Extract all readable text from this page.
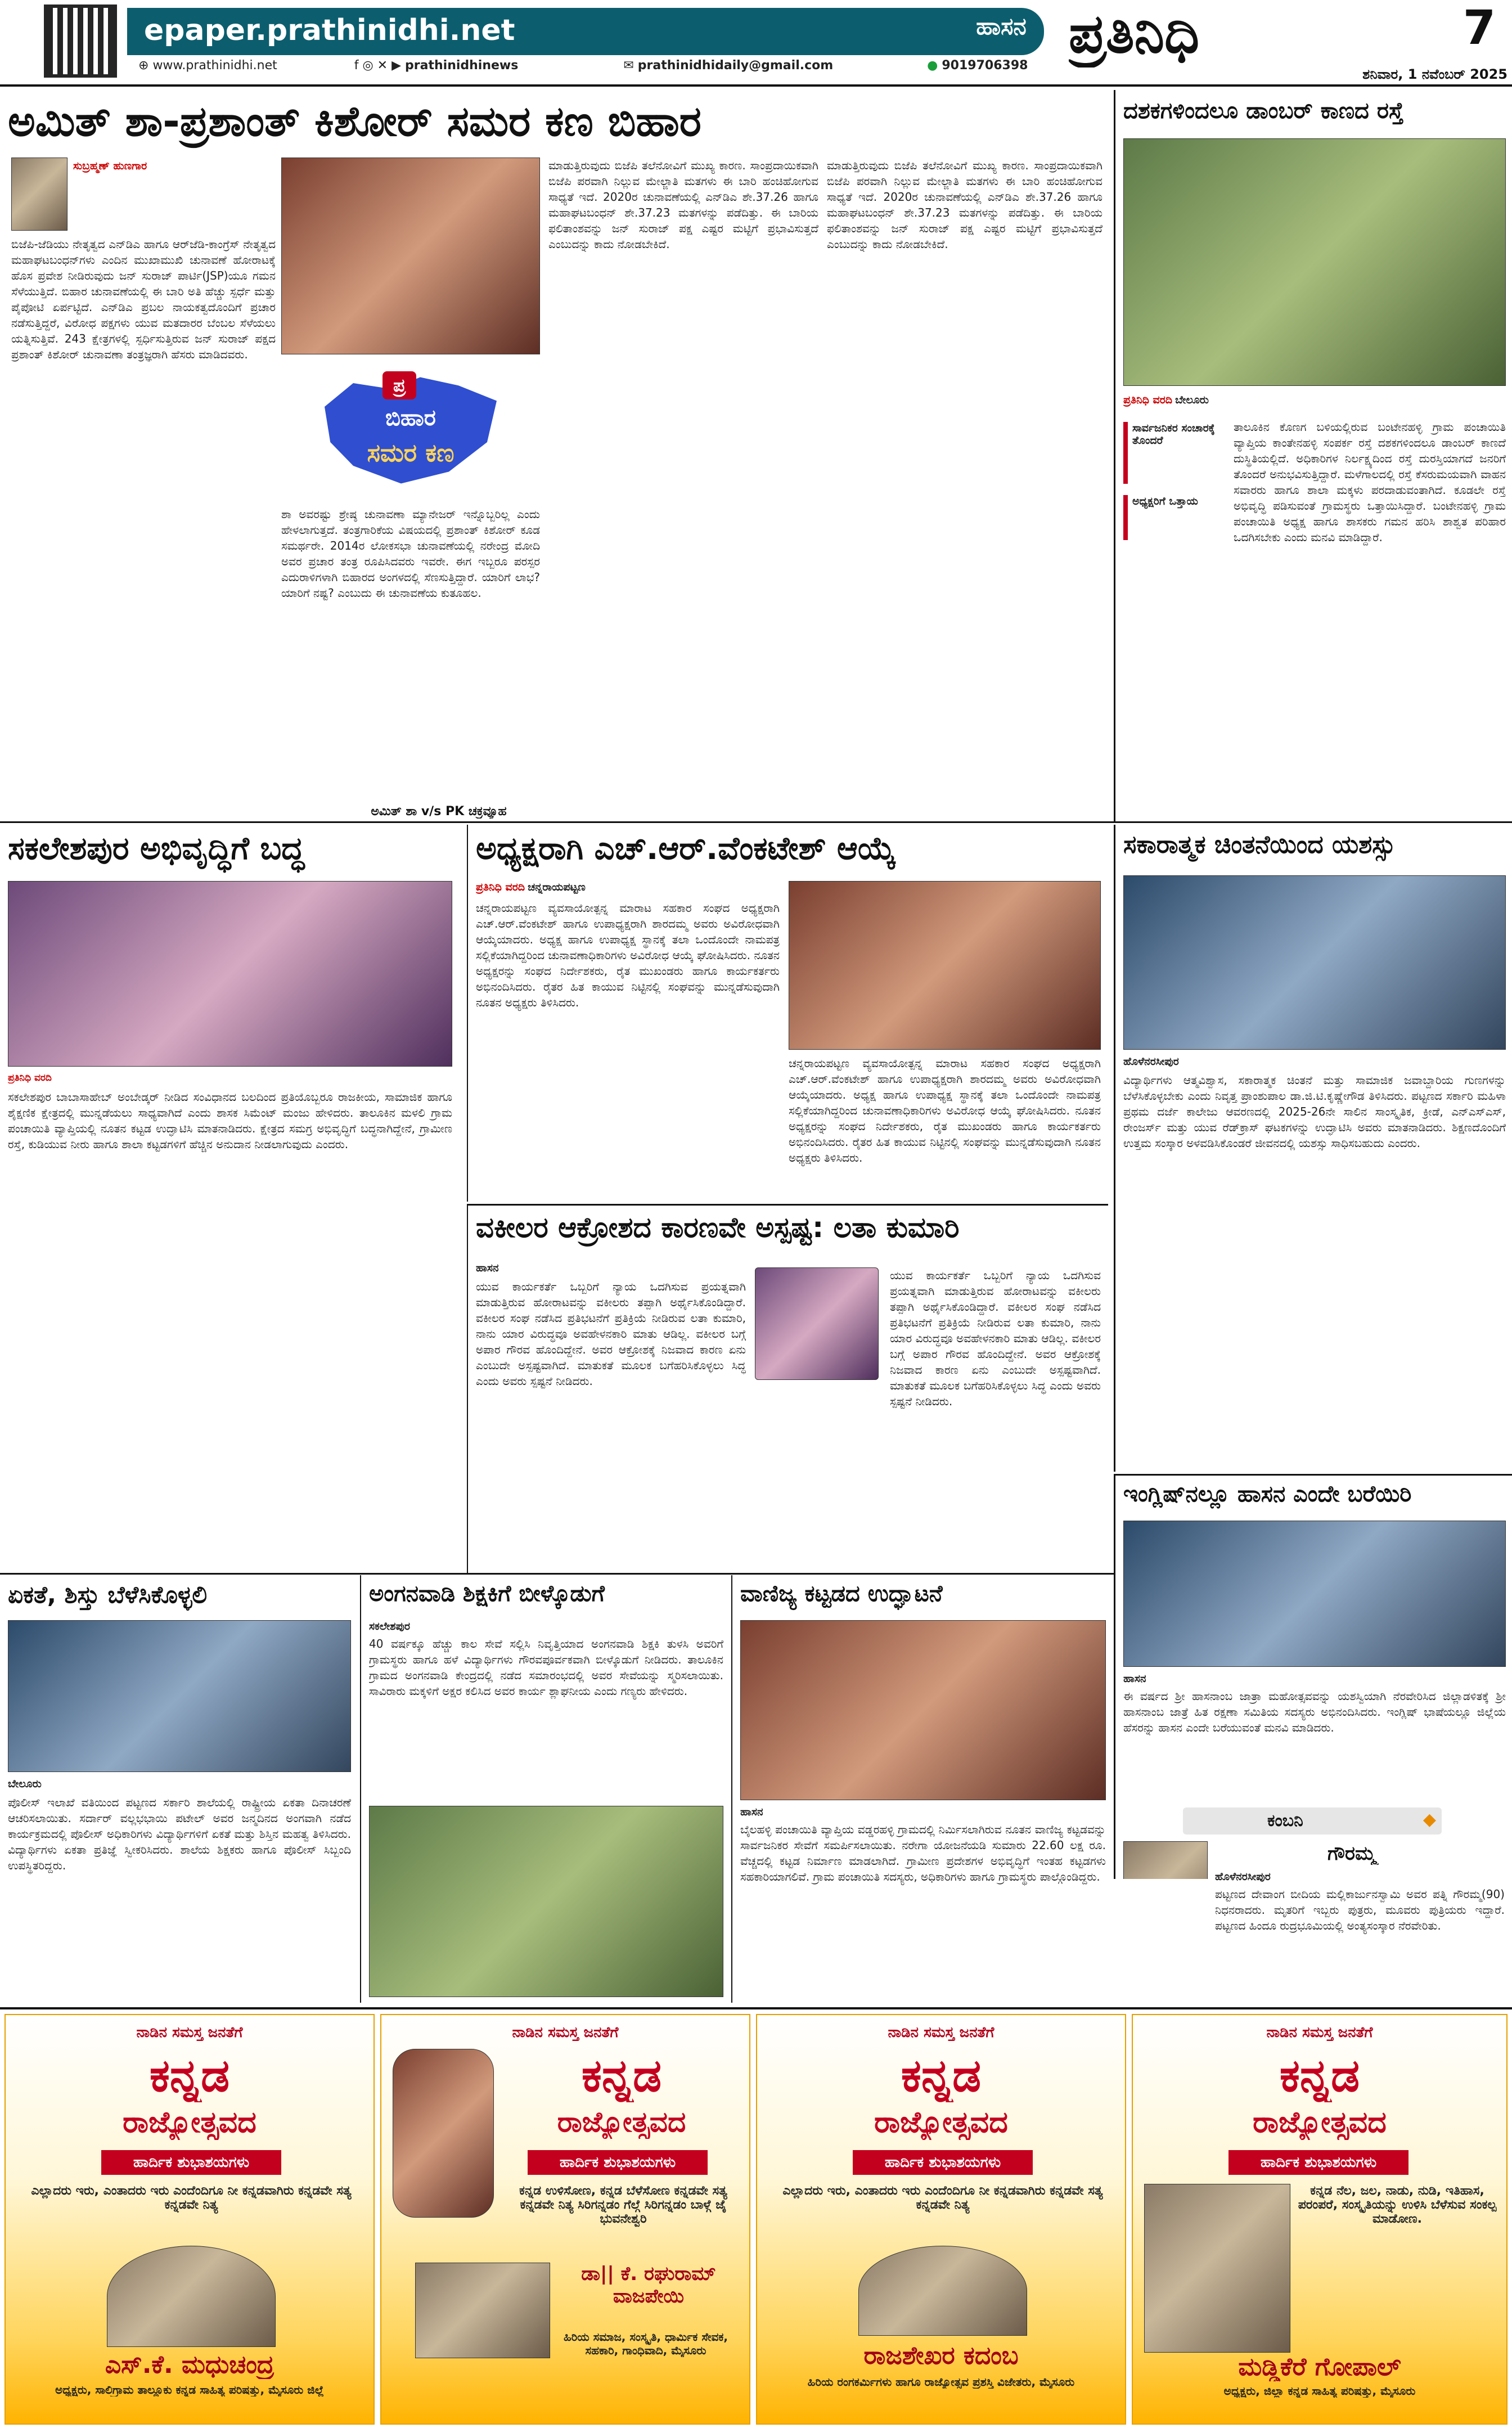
epaper.prathinidhi.net	ಹಾಸನ ಪ್ರತಿನಿಧಿ	7
⊕ www.prathinidhi.net	f ◎ ✕ ▶ prathinidhinews	✉ prathinidhidaily@gmail.com	● 9019706398
ಶನಿವಾರ, 1 ನವೆಂಬರ್ 2025
ಅಮಿತ್ ಶಾ-ಪ್ರಶಾಂತ್ ಕಿಶೋರ್ ಸಮರ ಕಣ ಬಿಹಾರ
ಸುಬ್ರಹ್ಮಣ್ ಹುಣಗಾರ
ಬಿಜೆಪಿ-ಜೆಡಿಯು ನೇತೃತ್ವದ ಎನ್‌ಡಿಎ ಹಾಗೂ ಆರ್‌ಜೆಡಿ-ಕಾಂಗ್ರೆಸ್ ನೇತೃತ್ವದ ಮಹಾಘಟಬಂಧನ್‌ಗಳು ಎಂದಿನ ಮುಖಾಮುಖಿ ಚುನಾವಣೆ ಹೋರಾಟಕ್ಕೆ ಹೊಸ ಪ್ರವೇಶ ನೀಡಿರುವುದು ಜನ್ ಸುರಾಜ್ ಪಾರ್ಟಿ(JSP)ಯೂ ಗಮನ ಸೆಳೆಯುತ್ತಿದೆ. ಬಿಹಾರ ಚುನಾವಣೆಯಲ್ಲಿ ಈ ಬಾರಿ ಅತಿ ಹೆಚ್ಚು ಸ್ಪರ್ಧೆ ಮತ್ತು ಪೈಪೋಟಿ ಏರ್ಪಟ್ಟಿದೆ. ಎನ್‌ಡಿಎ ಪ್ರಬಲ ನಾಯಕತ್ವದೊಂದಿಗೆ ಪ್ರಚಾರ ನಡೆಸುತ್ತಿದ್ದರೆ, ವಿರೋಧ ಪಕ್ಷಗಳು ಯುವ ಮತದಾರರ ಬೆಂಬಲ ಸೆಳೆಯಲು ಯತ್ನಿಸುತ್ತಿವೆ. 243 ಕ್ಷೇತ್ರಗಳಲ್ಲಿ ಸ್ಪರ್ಧಿಸುತ್ತಿರುವ ಜನ್ ಸುರಾಜ್ ಪಕ್ಷದ ಪ್ರಶಾಂತ್ ಕಿಶೋರ್ ಚುನಾವಣಾ ತಂತ್ರಜ್ಞರಾಗಿ ಹೆಸರು ಮಾಡಿದವರು.
ಪ್ರ
ಬಿಹಾರ
ಸಮರ ಕಣ
ಶಾ ಅವರಷ್ಟು ಶ್ರೇಷ್ಠ ಚುನಾವಣಾ ಮ್ಯಾನೇಜರ್ ಇನ್ನೊಬ್ಬರಿಲ್ಲ ಎಂದು ಹೇಳಲಾಗುತ್ತದೆ. ತಂತ್ರಗಾರಿಕೆಯ ವಿಷಯದಲ್ಲಿ ಪ್ರಶಾಂತ್ ಕಿಶೋರ್ ಕೂಡ ಸಮರ್ಥರೇ. 2014ರ ಲೋಕಸಭಾ ಚುನಾವಣೆಯಲ್ಲಿ ನರೇಂದ್ರ ಮೋದಿ ಅವರ ಪ್ರಚಾರ ತಂತ್ರ ರೂಪಿಸಿದವರು ಇವರೇ. ಈಗ ಇಬ್ಬರೂ ಪರಸ್ಪರ ಎದುರಾಳಿಗಳಾಗಿ ಬಿಹಾರದ ಅಂಗಳದಲ್ಲಿ ಸೆಣಸುತ್ತಿದ್ದಾರೆ. ಯಾರಿಗೆ ಲಾಭ? ಯಾರಿಗೆ ನಷ್ಟ? ಎಂಬುದು ಈ ಚುನಾವಣೆಯ ಕುತೂಹಲ.
ಅಮಿತ್ ಶಾ v/s PK ಚಕ್ರವ್ಯೂಹ
ಮಾಡುತ್ತಿರುವುದು ಬಿಜೆಪಿ ತಲೆನೋವಿಗೆ ಮುಖ್ಯ ಕಾರಣ. ಸಾಂಪ್ರದಾಯಿಕವಾಗಿ ಬಿಜೆಪಿ ಪರವಾಗಿ ನಿಲ್ಲುವ ಮೇಲ್ಜಾತಿ ಮತಗಳು ಈ ಬಾರಿ ಹಂಚಿಹೋಗುವ ಸಾಧ್ಯತೆ ಇದೆ. 2020ರ ಚುನಾವಣೆಯಲ್ಲಿ ಎನ್‌ಡಿಎ ಶೇ.37.26 ಹಾಗೂ ಮಹಾಘಟಬಂಧನ್ ಶೇ.37.23 ಮತಗಳನ್ನು ಪಡೆದಿತ್ತು. ಈ ಬಾರಿಯ ಫಲಿತಾಂಶವನ್ನು ಜನ್ ಸುರಾಜ್ ಪಕ್ಷ ಎಷ್ಟರ ಮಟ್ಟಿಗೆ ಪ್ರಭಾವಿಸುತ್ತದೆ ಎಂಬುದನ್ನು ಕಾದು ನೋಡಬೇಕಿದೆ.
ಮಾಡುತ್ತಿರುವುದು ಬಿಜೆಪಿ ತಲೆನೋವಿಗೆ ಮುಖ್ಯ ಕಾರಣ. ಸಾಂಪ್ರದಾಯಿಕವಾಗಿ ಬಿಜೆಪಿ ಪರವಾಗಿ ನಿಲ್ಲುವ ಮೇಲ್ಜಾತಿ ಮತಗಳು ಈ ಬಾರಿ ಹಂಚಿಹೋಗುವ ಸಾಧ್ಯತೆ ಇದೆ. 2020ರ ಚುನಾವಣೆಯಲ್ಲಿ ಎನ್‌ಡಿಎ ಶೇ.37.26 ಹಾಗೂ ಮಹಾಘಟಬಂಧನ್ ಶೇ.37.23 ಮತಗಳನ್ನು ಪಡೆದಿತ್ತು. ಈ ಬಾರಿಯ ಫಲಿತಾಂಶವನ್ನು ಜನ್ ಸುರಾಜ್ ಪಕ್ಷ ಎಷ್ಟರ ಮಟ್ಟಿಗೆ ಪ್ರಭಾವಿಸುತ್ತದೆ ಎಂಬುದನ್ನು ಕಾದು ನೋಡಬೇಕಿದೆ.
ದಶಕಗಳಿಂದಲೂ ಡಾಂಬರ್ ಕಾಣದ ರಸ್ತೆ
ಪ್ರತಿನಿಧಿ ವರದಿ ಬೇಲೂರು
ಸಾರ್ವಜನಿಕರ ಸಂಚಾರಕ್ಕೆ ತೊಂದರೆ
ಅಧ್ಯಕ್ಷರಿಗೆ ಒತ್ತಾಯ
ತಾಲೂಕಿನ ಕೊಣಗ ಬಳಿಯಲ್ಲಿರುವ ಬಂಟೇನಹಳ್ಳಿ ಗ್ರಾಮ ಪಂಚಾಯಿತಿ ವ್ಯಾಪ್ತಿಯ ಕಾಂತೇನಹಳ್ಳಿ ಸಂಪರ್ಕ ರಸ್ತೆ ದಶಕಗಳಿಂದಲೂ ಡಾಂಬರ್ ಕಾಣದೆ ದುಸ್ಥಿತಿಯಲ್ಲಿದೆ. ಅಧಿಕಾರಿಗಳ ನಿರ್ಲಕ್ಷ್ಯದಿಂದ ರಸ್ತೆ ದುರಸ್ತಿಯಾಗದೆ ಜನರಿಗೆ ತೊಂದರೆ ಅನುಭವಿಸುತ್ತಿದ್ದಾರೆ. ಮಳೆಗಾಲದಲ್ಲಿ ರಸ್ತೆ ಕೆಸರುಮಯವಾಗಿ ವಾಹನ ಸವಾರರು ಹಾಗೂ ಶಾಲಾ ಮಕ್ಕಳು ಪರದಾಡುವಂತಾಗಿದೆ. ಕೂಡಲೇ ರಸ್ತೆ ಅಭಿವೃದ್ಧಿ ಪಡಿಸುವಂತೆ ಗ್ರಾಮಸ್ಥರು ಒತ್ತಾಯಿಸಿದ್ದಾರೆ. ಬಂಟೇನಹಳ್ಳಿ ಗ್ರಾಮ ಪಂಚಾಯಿತಿ ಅಧ್ಯಕ್ಷ ಹಾಗೂ ಶಾಸಕರು ಗಮನ ಹರಿಸಿ ಶಾಶ್ವತ ಪರಿಹಾರ ಒದಗಿಸಬೇಕು ಎಂದು ಮನವಿ ಮಾಡಿದ್ದಾರೆ.
ಸಕಲೇಶಪುರ ಅಭಿವೃದ್ಧಿಗೆ ಬದ್ಧ
ಪ್ರತಿನಿಧಿ ವರದಿ
ಸಕಲೇಶಪುರ ಬಾಬಾಸಾಹೇಬ್ ಅಂಬೇಡ್ಕರ್ ನೀಡಿದ ಸಂವಿಧಾನದ ಬಲದಿಂದ ಪ್ರತಿಯೊಬ್ಬರೂ ರಾಜಕೀಯ, ಸಾಮಾಜಿಕ ಹಾಗೂ ಶೈಕ್ಷಣಿಕ ಕ್ಷೇತ್ರದಲ್ಲಿ ಮುನ್ನಡೆಯಲು ಸಾಧ್ಯವಾಗಿದೆ ಎಂದು ಶಾಸಕ ಸಿಮೆಂಟ್ ಮಂಜು ಹೇಳಿದರು. ತಾಲೂಕಿನ ಮಳಲಿ ಗ್ರಾಮ ಪಂಚಾಯಿತಿ ವ್ಯಾಪ್ತಿಯಲ್ಲಿ ನೂತನ ಕಟ್ಟಡ ಉದ್ಘಾಟಿಸಿ ಮಾತನಾಡಿದರು. ಕ್ಷೇತ್ರದ ಸಮಗ್ರ ಅಭಿವೃದ್ಧಿಗೆ ಬದ್ಧನಾಗಿದ್ದೇನೆ, ಗ್ರಾಮೀಣ ರಸ್ತೆ, ಕುಡಿಯುವ ನೀರು ಹಾಗೂ ಶಾಲಾ ಕಟ್ಟಡಗಳಿಗೆ ಹೆಚ್ಚಿನ ಅನುದಾನ ನೀಡಲಾಗುವುದು ಎಂದರು.
ಅಧ್ಯಕ್ಷರಾಗಿ ಎಚ್.ಆರ್.ವೆಂಕಟೇಶ್ ಆಯ್ಕೆ
ಪ್ರತಿನಿಧಿ ವರದಿ ಚನ್ನರಾಯಪಟ್ಟಣ
ಚನ್ನರಾಯಪಟ್ಟಣ ವ್ಯವಸಾಯೋತ್ಪನ್ನ ಮಾರಾಟ ಸಹಕಾರ ಸಂಘದ ಅಧ್ಯಕ್ಷರಾಗಿ ಎಚ್.ಆರ್.ವೆಂಕಟೇಶ್ ಹಾಗೂ ಉಪಾಧ್ಯಕ್ಷರಾಗಿ ಶಾರದಮ್ಮ ಅವರು ಅವಿರೋಧವಾಗಿ ಆಯ್ಕೆಯಾದರು. ಅಧ್ಯಕ್ಷ ಹಾಗೂ ಉಪಾಧ್ಯಕ್ಷ ಸ್ಥಾನಕ್ಕೆ ತಲಾ ಒಂದೊಂದೇ ನಾಮಪತ್ರ ಸಲ್ಲಿಕೆಯಾಗಿದ್ದರಿಂದ ಚುನಾವಣಾಧಿಕಾರಿಗಳು ಅವಿರೋಧ ಆಯ್ಕೆ ಘೋಷಿಸಿದರು. ನೂತನ ಅಧ್ಯಕ್ಷರನ್ನು ಸಂಘದ ನಿರ್ದೇಶಕರು, ರೈತ ಮುಖಂಡರು ಹಾಗೂ ಕಾರ್ಯಕರ್ತರು ಅಭಿನಂದಿಸಿದರು. ರೈತರ ಹಿತ ಕಾಯುವ ನಿಟ್ಟಿನಲ್ಲಿ ಸಂಘವನ್ನು ಮುನ್ನಡೆಸುವುದಾಗಿ ನೂತನ ಅಧ್ಯಕ್ಷರು ತಿಳಿಸಿದರು.
ಚನ್ನರಾಯಪಟ್ಟಣ ವ್ಯವಸಾಯೋತ್ಪನ್ನ ಮಾರಾಟ ಸಹಕಾರ ಸಂಘದ ಅಧ್ಯಕ್ಷರಾಗಿ ಎಚ್.ಆರ್.ವೆಂಕಟೇಶ್ ಹಾಗೂ ಉಪಾಧ್ಯಕ್ಷರಾಗಿ ಶಾರದಮ್ಮ ಅವರು ಅವಿರೋಧವಾಗಿ ಆಯ್ಕೆಯಾದರು. ಅಧ್ಯಕ್ಷ ಹಾಗೂ ಉಪಾಧ್ಯಕ್ಷ ಸ್ಥಾನಕ್ಕೆ ತಲಾ ಒಂದೊಂದೇ ನಾಮಪತ್ರ ಸಲ್ಲಿಕೆಯಾಗಿದ್ದರಿಂದ ಚುನಾವಣಾಧಿಕಾರಿಗಳು ಅವಿರೋಧ ಆಯ್ಕೆ ಘೋಷಿಸಿದರು. ನೂತನ ಅಧ್ಯಕ್ಷರನ್ನು ಸಂಘದ ನಿರ್ದೇಶಕರು, ರೈತ ಮುಖಂಡರು ಹಾಗೂ ಕಾರ್ಯಕರ್ತರು ಅಭಿನಂದಿಸಿದರು. ರೈತರ ಹಿತ ಕಾಯುವ ನಿಟ್ಟಿನಲ್ಲಿ ಸಂಘವನ್ನು ಮುನ್ನಡೆಸುವುದಾಗಿ ನೂತನ ಅಧ್ಯಕ್ಷರು ತಿಳಿಸಿದರು.
ಸಕಾರಾತ್ಮಕ ಚಿಂತನೆಯಿಂದ ಯಶಸ್ಸು
ಹೊಳೆನರಸೀಪುರ
ವಿದ್ಯಾರ್ಥಿಗಳು ಆತ್ಮವಿಶ್ವಾಸ, ಸಕಾರಾತ್ಮಕ ಚಿಂತನೆ ಮತ್ತು ಸಾಮಾಜಿಕ ಜವಾಬ್ದಾರಿಯ ಗುಣಗಳನ್ನು ಬೆಳೆಸಿಕೊಳ್ಳಬೇಕು ಎಂದು ನಿವೃತ್ತ ಪ್ರಾಂಶುಪಾಲ ಡಾ.ಜಿ.ಟಿ.ಕೃಷ್ಣೇಗೌಡ ತಿಳಿಸಿದರು. ಪಟ್ಟಣದ ಸರ್ಕಾರಿ ಮಹಿಳಾ ಪ್ರಥಮ ದರ್ಜೆ ಕಾಲೇಜು ಆವರಣದಲ್ಲಿ 2025-26ನೇ ಸಾಲಿನ ಸಾಂಸ್ಕೃತಿಕ, ಕ್ರೀಡೆ, ಎನ್‌ಎಸ್‌ಎಸ್, ರೇಂಜರ್ಸ್ ಮತ್ತು ಯುವ ರೆಡ್‌ಕ್ರಾಸ್ ಘಟಕಗಳನ್ನು ಉದ್ಘಾಟಿಸಿ ಅವರು ಮಾತನಾಡಿದರು. ಶಿಕ್ಷಣದೊಂದಿಗೆ ಉತ್ತಮ ಸಂಸ್ಕಾರ ಅಳವಡಿಸಿಕೊಂಡರೆ ಜೀವನದಲ್ಲಿ ಯಶಸ್ಸು ಸಾಧಿಸಬಹುದು ಎಂದರು.
ವಕೀಲರ ಆಕ್ರೋಶದ ಕಾರಣವೇ ಅಸ್ಪಷ್ಟ: ಲತಾ ಕುಮಾರಿ
ಹಾಸನ
ಯುವ ಕಾರ್ಯಕರ್ತೆ ಒಬ್ಬರಿಗೆ ನ್ಯಾಯ ಒದಗಿಸುವ ಪ್ರಯತ್ನವಾಗಿ ಮಾಡುತ್ತಿರುವ ಹೋರಾಟವನ್ನು ವಕೀಲರು ತಪ್ಪಾಗಿ ಅರ್ಥೈಸಿಕೊಂಡಿದ್ದಾರೆ. ವಕೀಲರ ಸಂಘ ನಡೆಸಿದ ಪ್ರತಿಭಟನೆಗೆ ಪ್ರತಿಕ್ರಿಯೆ ನೀಡಿರುವ ಲತಾ ಕುಮಾರಿ, ನಾನು ಯಾರ ವಿರುದ್ಧವೂ ಅವಹೇಳನಕಾರಿ ಮಾತು ಆಡಿಲ್ಲ. ವಕೀಲರ ಬಗ್ಗೆ ಅಪಾರ ಗೌರವ ಹೊಂದಿದ್ದೇನೆ. ಅವರ ಆಕ್ರೋಶಕ್ಕೆ ನಿಜವಾದ ಕಾರಣ ಏನು ಎಂಬುದೇ ಅಸ್ಪಷ್ಟವಾಗಿದೆ. ಮಾತುಕತೆ ಮೂಲಕ ಬಗೆಹರಿಸಿಕೊಳ್ಳಲು ಸಿದ್ಧ ಎಂದು ಅವರು ಸ್ಪಷ್ಟನೆ ನೀಡಿದರು.
ಯುವ ಕಾರ್ಯಕರ್ತೆ ಒಬ್ಬರಿಗೆ ನ್ಯಾಯ ಒದಗಿಸುವ ಪ್ರಯತ್ನವಾಗಿ ಮಾಡುತ್ತಿರುವ ಹೋರಾಟವನ್ನು ವಕೀಲರು ತಪ್ಪಾಗಿ ಅರ್ಥೈಸಿಕೊಂಡಿದ್ದಾರೆ. ವಕೀಲರ ಸಂಘ ನಡೆಸಿದ ಪ್ರತಿಭಟನೆಗೆ ಪ್ರತಿಕ್ರಿಯೆ ನೀಡಿರುವ ಲತಾ ಕುಮಾರಿ, ನಾನು ಯಾರ ವಿರುದ್ಧವೂ ಅವಹೇಳನಕಾರಿ ಮಾತು ಆಡಿಲ್ಲ. ವಕೀಲರ ಬಗ್ಗೆ ಅಪಾರ ಗೌರವ ಹೊಂದಿದ್ದೇನೆ. ಅವರ ಆಕ್ರೋಶಕ್ಕೆ ನಿಜವಾದ ಕಾರಣ ಏನು ಎಂಬುದೇ ಅಸ್ಪಷ್ಟವಾಗಿದೆ. ಮಾತುಕತೆ ಮೂಲಕ ಬಗೆಹರಿಸಿಕೊಳ್ಳಲು ಸಿದ್ಧ ಎಂದು ಅವರು ಸ್ಪಷ್ಟನೆ ನೀಡಿದರು.
ಇಂಗ್ಲಿಷ್‌ನಲ್ಲೂ ಹಾಸನ ಎಂದೇ ಬರೆಯಿರಿ
ಹಾಸನ
ಈ ವರ್ಷದ ಶ್ರೀ ಹಾಸನಾಂಬ ಜಾತ್ರಾ ಮಹೋತ್ಸವವನ್ನು ಯಶಸ್ವಿಯಾಗಿ ನೆರವೇರಿಸಿದ ಜಿಲ್ಲಾಡಳಿತಕ್ಕೆ ಶ್ರೀ ಹಾಸನಾಂಬ ಜಾತ್ರೆ ಹಿತ ರಕ್ಷಣಾ ಸಮಿತಿಯ ಸದಸ್ಯರು ಅಭಿನಂದಿಸಿದರು. ಇಂಗ್ಲಿಷ್ ಭಾಷೆಯಲ್ಲೂ ಜಿಲ್ಲೆಯ ಹೆಸರನ್ನು ಹಾಸನ ಎಂದೇ ಬರೆಯುವಂತೆ ಮನವಿ ಮಾಡಿದರು.
ಕಂಬನಿ	◆
ಏಕತೆ, ಶಿಸ್ತು ಬೆಳೆಸಿಕೊಳ್ಳಲಿ
ಬೇಲೂರು
ಪೊಲೀಸ್ ಇಲಾಖೆ ವತಿಯಿಂದ ಪಟ್ಟಣದ ಸರ್ಕಾರಿ ಶಾಲೆಯಲ್ಲಿ ರಾಷ್ಟ್ರೀಯ ಏಕತಾ ದಿನಾಚರಣೆ ಆಚರಿಸಲಾಯಿತು. ಸರ್ದಾರ್ ವಲ್ಲಭಭಾಯಿ ಪಟೇಲ್ ಅವರ ಜನ್ಮದಿನದ ಅಂಗವಾಗಿ ನಡೆದ ಕಾರ್ಯಕ್ರಮದಲ್ಲಿ ಪೊಲೀಸ್ ಅಧಿಕಾರಿಗಳು ವಿದ್ಯಾರ್ಥಿಗಳಿಗೆ ಏಕತೆ ಮತ್ತು ಶಿಸ್ತಿನ ಮಹತ್ವ ತಿಳಿಸಿದರು. ವಿದ್ಯಾರ್ಥಿಗಳು ಏಕತಾ ಪ್ರತಿಜ್ಞೆ ಸ್ವೀಕರಿಸಿದರು. ಶಾಲೆಯ ಶಿಕ್ಷಕರು ಹಾಗೂ ಪೊಲೀಸ್ ಸಿಬ್ಬಂದಿ ಉಪಸ್ಥಿತರಿದ್ದರು.
ಅಂಗನವಾಡಿ ಶಿಕ್ಷಕಿಗೆ ಬೀಳ್ಕೊಡುಗೆ
ಸಕಲೇಶಪುರ
40 ವರ್ಷಕ್ಕೂ ಹೆಚ್ಚು ಕಾಲ ಸೇವೆ ಸಲ್ಲಿಸಿ ನಿವೃತ್ತಿಯಾದ ಅಂಗನವಾಡಿ ಶಿಕ್ಷಕಿ ತುಳಸಿ ಅವರಿಗೆ ಗ್ರಾಮಸ್ಥರು ಹಾಗೂ ಹಳೆ ವಿದ್ಯಾರ್ಥಿಗಳು ಗೌರವಪೂರ್ವಕವಾಗಿ ಬೀಳ್ಕೊಡುಗೆ ನೀಡಿದರು. ತಾಲೂಕಿನ ಗ್ರಾಮದ ಅಂಗನವಾಡಿ ಕೇಂದ್ರದಲ್ಲಿ ನಡೆದ ಸಮಾರಂಭದಲ್ಲಿ ಅವರ ಸೇವೆಯನ್ನು ಸ್ಮರಿಸಲಾಯಿತು. ಸಾವಿರಾರು ಮಕ್ಕಳಿಗೆ ಅಕ್ಷರ ಕಲಿಸಿದ ಅವರ ಕಾರ್ಯ ಶ್ಲಾಘನೀಯ ಎಂದು ಗಣ್ಯರು ಹೇಳಿದರು.
ವಾಣಿಜ್ಯ ಕಟ್ಟಡದ ಉದ್ಘಾಟನೆ
ಹಾಸನ
ಬೈಲಹಳ್ಳಿ ಪಂಚಾಯಿತಿ ವ್ಯಾಪ್ತಿಯ ವಡ್ಡರಹಳ್ಳಿ ಗ್ರಾಮದಲ್ಲಿ ನಿರ್ಮಿಸಲಾಗಿರುವ ನೂತನ ವಾಣಿಜ್ಯ ಕಟ್ಟಡವನ್ನು ಸಾರ್ವಜನಿಕರ ಸೇವೆಗೆ ಸಮರ್ಪಿಸಲಾಯಿತು. ನರೇಗಾ ಯೋಜನೆಯಡಿ ಸುಮಾರು 22.60 ಲಕ್ಷ ರೂ. ವೆಚ್ಚದಲ್ಲಿ ಕಟ್ಟಡ ನಿರ್ಮಾಣ ಮಾಡಲಾಗಿದೆ. ಗ್ರಾಮೀಣ ಪ್ರದೇಶಗಳ ಅಭಿವೃದ್ಧಿಗೆ ಇಂತಹ ಕಟ್ಟಡಗಳು ಸಹಕಾರಿಯಾಗಲಿವೆ. ಗ್ರಾಮ ಪಂಚಾಯಿತಿ ಸದಸ್ಯರು, ಅಧಿಕಾರಿಗಳು ಹಾಗೂ ಗ್ರಾಮಸ್ಥರು ಪಾಲ್ಗೊಂಡಿದ್ದರು.
ಗೌರಮ್ಮ
ಹೊಳೆನರಸೀಪುರ
ಪಟ್ಟಣದ ದೇವಾಂಗ ಬೀದಿಯ ಮಲ್ಲಿಕಾರ್ಜುನಸ್ವಾಮಿ ಅವರ ಪತ್ನಿ ಗೌರಮ್ಮ(90) ನಿಧನರಾದರು. ಮೃತರಿಗೆ ಇಬ್ಬರು ಪುತ್ರರು, ಮೂವರು ಪುತ್ರಿಯರು ಇದ್ದಾರೆ. ಪಟ್ಟಣದ ಹಿಂದೂ ರುದ್ರಭೂಮಿಯಲ್ಲಿ ಅಂತ್ಯಸಂಸ್ಕಾರ ನೆರವೇರಿತು.
ನಾಡಿನ ಸಮಸ್ತ ಜನತೆಗೆ
ಕನ್ನಡ
ರಾಜ್ಯೋತ್ಸವದ
ಹಾರ್ದಿಕ ಶುಭಾಶಯಗಳು
ಎಲ್ಲಾದರು ಇರು, ಎಂತಾದರು ಇರು ಎಂದೆಂದಿಗೂ ನೀ ಕನ್ನಡವಾಗಿರು ಕನ್ನಡವೇ ಸತ್ಯ ಕನ್ನಡವೇ ನಿತ್ಯ
ಎಸ್.ಕೆ. ಮಧುಚಂದ್ರ
ಅಧ್ಯಕ್ಷರು, ಸಾಲಿಗ್ರಾಮ ತಾಲ್ಲೂಕು ಕನ್ನಡ ಸಾಹಿತ್ಯ ಪರಿಷತ್ತು, ಮೈಸೂರು ಜಿಲ್ಲೆ
ನಾಡಿನ ಸಮಸ್ತ ಜನತೆಗೆ
ಕನ್ನಡ
ರಾಜ್ಯೋತ್ಸವದ
ಹಾರ್ದಿಕ ಶುಭಾಶಯಗಳು
ಕನ್ನಡ ಉಳಿಸೋಣ, ಕನ್ನಡ ಬೆಳೆಸೋಣ ಕನ್ನಡವೇ ಸತ್ಯ ಕನ್ನಡವೇ ನಿತ್ಯ ಸಿರಿಗನ್ನಡಂ ಗೆಲ್ಗೆ ಸಿರಿಗನ್ನಡಂ ಬಾಳ್ಗೆ ಜೈ ಭುವನೇಶ್ವರಿ
ಡಾ|| ಕೆ. ರಘುರಾಮ್ ವಾಜಪೇಯಿ
ಹಿರಿಯ ಸಮಾಜ, ಸಂಸ್ಕೃತಿ, ಧಾರ್ಮಿಕ ಸೇವಕ, ಸಹಕಾರಿ, ಗಾಂಧಿವಾದಿ, ಮೈಸೂರು
ನಾಡಿನ ಸಮಸ್ತ ಜನತೆಗೆ
ಕನ್ನಡ
ರಾಜ್ಯೋತ್ಸವದ
ಹಾರ್ದಿಕ ಶುಭಾಶಯಗಳು
ಎಲ್ಲಾದರು ಇರು, ಎಂತಾದರು ಇರು ಎಂದೆಂದಿಗೂ ನೀ ಕನ್ನಡವಾಗಿರು ಕನ್ನಡವೇ ಸತ್ಯ ಕನ್ನಡವೇ ನಿತ್ಯ
ರಾಜಶೇಖರ ಕದಂಬ
ಹಿರಿಯ ರಂಗಕರ್ಮಿಗಳು ಹಾಗೂ ರಾಜ್ಯೋತ್ಸವ ಪ್ರಶಸ್ತಿ ವಿಜೇತರು, ಮೈಸೂರು
ನಾಡಿನ ಸಮಸ್ತ ಜನತೆಗೆ
ಕನ್ನಡ
ರಾಜ್ಯೋತ್ಸವದ
ಹಾರ್ದಿಕ ಶುಭಾಶಯಗಳು
ಕನ್ನಡ ನೆಲ, ಜಲ, ನಾಡು, ನುಡಿ, ಇತಿಹಾಸ, ಪರಂಪರೆ, ಸಂಸ್ಕೃತಿಯನ್ನು ಉಳಿಸಿ ಬೆಳೆಸುವ ಸಂಕಲ್ಪ ಮಾಡೋಣ.
ಮಡ್ಡಿಕೆರೆ ಗೋಪಾಲ್
ಅಧ್ಯಕ್ಷರು, ಜಿಲ್ಲಾ ಕನ್ನಡ ಸಾಹಿತ್ಯ ಪರಿಷತ್ತು, ಮೈಸೂರು
